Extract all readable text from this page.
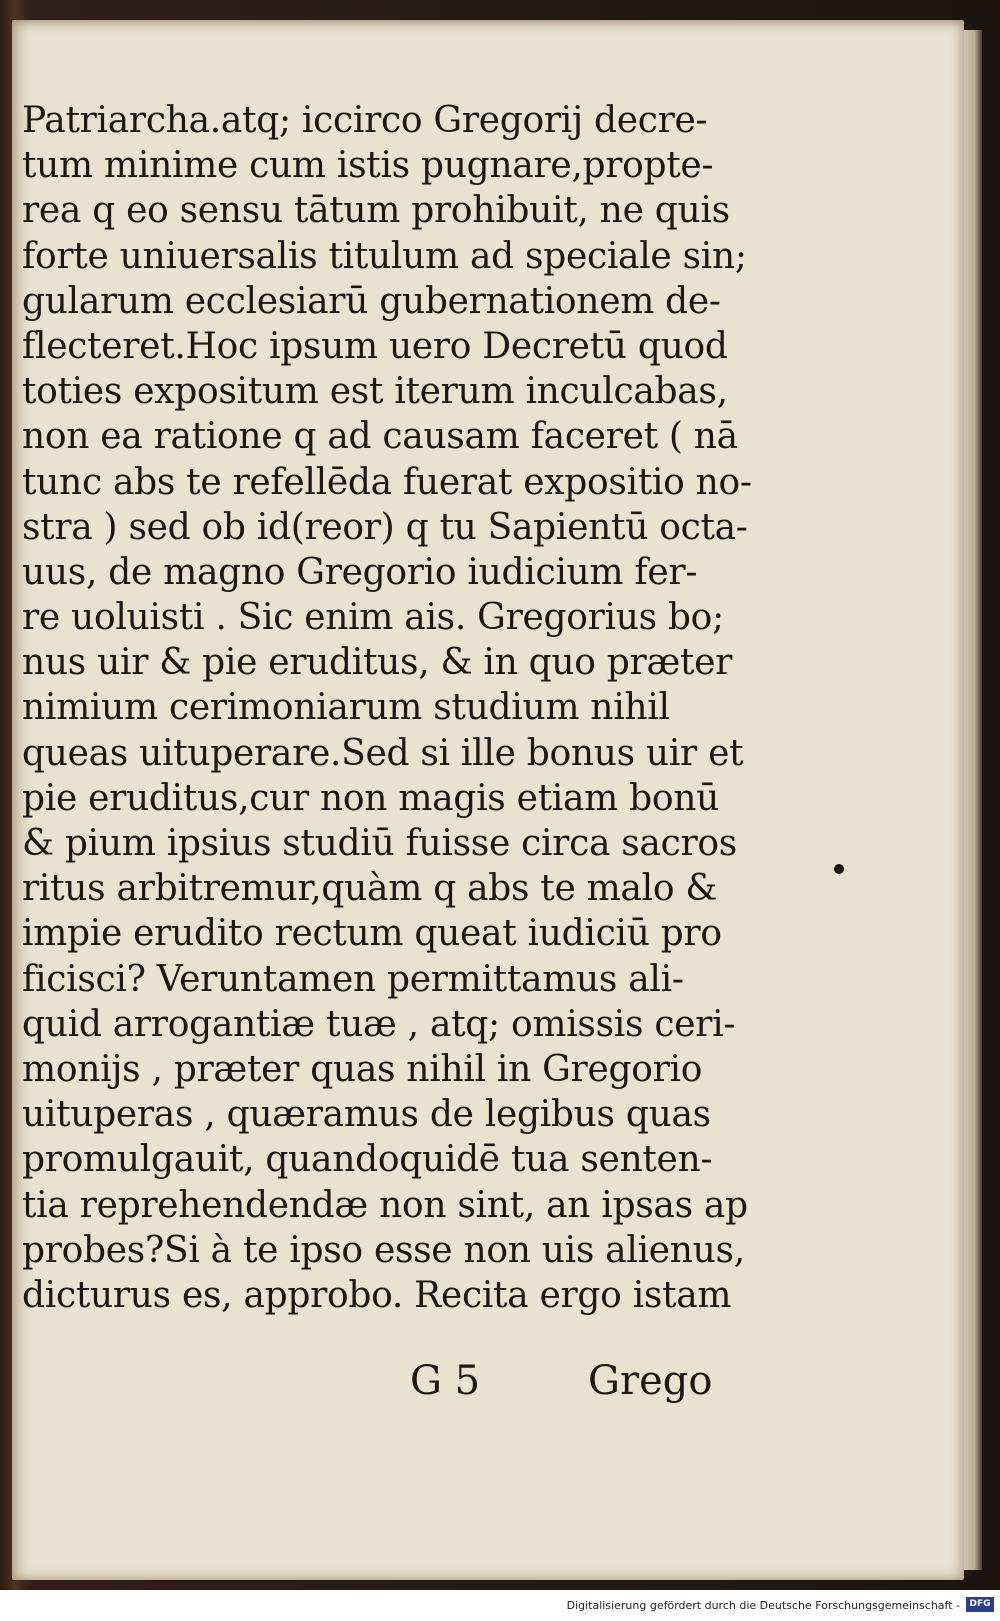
Patriarcha.atq; iccirco Gregorij decre-
tum minime cum istis pugnare,propte-
rea q eo sensu tātum prohibuit, ne quis
forte uniuersalis titulum ad speciale sin;
gularum ecclesiarū gubernationem de-
flecteret.Hoc ipsum uero Decretū quod
toties expositum est iterum inculcabas,
non ea ratione q ad causam faceret ( nā
tunc abs te refellēda fuerat expositio no-
stra ) sed ob id(reor) q tu Sapientū octa-
uus, de magno Gregorio iudicium fer-
re uoluisti . Sic enim ais. Gregorius bo;
nus uir & pie eruditus, & in quo præter
nimium cerimoniarum studium nihil
queas uituperare.Sed si ille bonus uir et
pie eruditus,cur non magis etiam bonū
& pium ipsius studiū fuisse circa sacros
ritus arbitremur,quàm q abs te malo &
impie erudito rectum queat iudiciū pro
ficisci? Veruntamen permittamus ali-
quid arrogantiæ tuæ , atq; omissis ceri-
monijs , præter quas nihil in Gregorio
uituperas , quæramus de legibus quas
promulgauit, quandoquidē tua senten-
tia reprehendendæ non sint, an ipsas ap
probes?Si à te ipso esse non uis alienus,
dicturus es, approbo. Recita ergo istam
G 5	Grego
Digitalisierung gefördert durch die Deutsche Forschungsgemeinschaft -	DFG
